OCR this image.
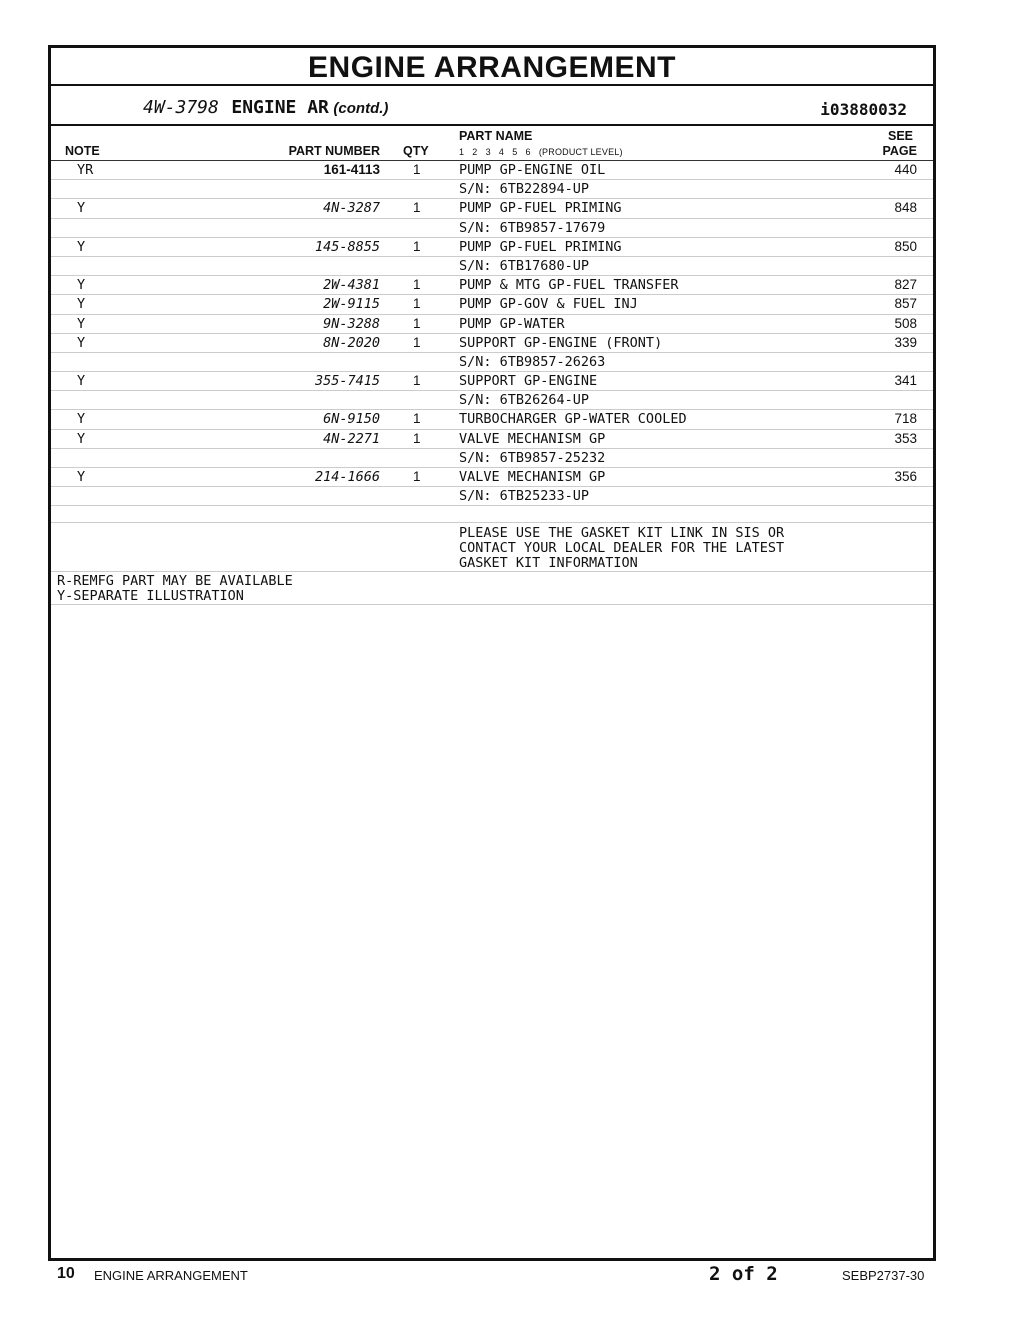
ENGINE ARRANGEMENT
4W-3798 ENGINE AR (contd.)	i03880032
NOTE	PART NUMBER QTY
PART NAME
1   2   3   4   5   6   (PRODUCT LEVEL)
SEE
PAGE
YR	161-4113 1	PUMP GP-ENGINE OIL	440
S/N: 6TB22894-UP
Y	4N-3287 1	PUMP GP-FUEL PRIMING	848
S/N: 6TB9857-17679
Y	145-8855 1	PUMP GP-FUEL PRIMING	850
S/N: 6TB17680-UP
Y	2W-4381 1	PUMP & MTG GP-FUEL TRANSFER	827
Y	2W-9115 1	PUMP GP-GOV & FUEL INJ	857
Y	9N-3288 1	PUMP GP-WATER	508
Y	8N-2020 1	SUPPORT GP-ENGINE (FRONT)	339
S/N: 6TB9857-26263
Y	355-7415 1	SUPPORT GP-ENGINE	341
S/N: 6TB26264-UP
Y	6N-9150 1	TURBOCHARGER GP-WATER COOLED	718
Y	4N-2271 1	VALVE MECHANISM GP	353
S/N: 6TB9857-25232
Y	214-1666 1	VALVE MECHANISM GP	356
S/N: 6TB25233-UP
PLEASE USE THE GASKET KIT LINK IN SIS OR
CONTACT YOUR LOCAL DEALER FOR THE LATEST
GASKET KIT INFORMATION
R-REMFG PART MAY BE AVAILABLE
Y-SEPARATE ILLUSTRATION
10 ENGINE ARRANGEMENT	2 of 2	SEBP2737-30
